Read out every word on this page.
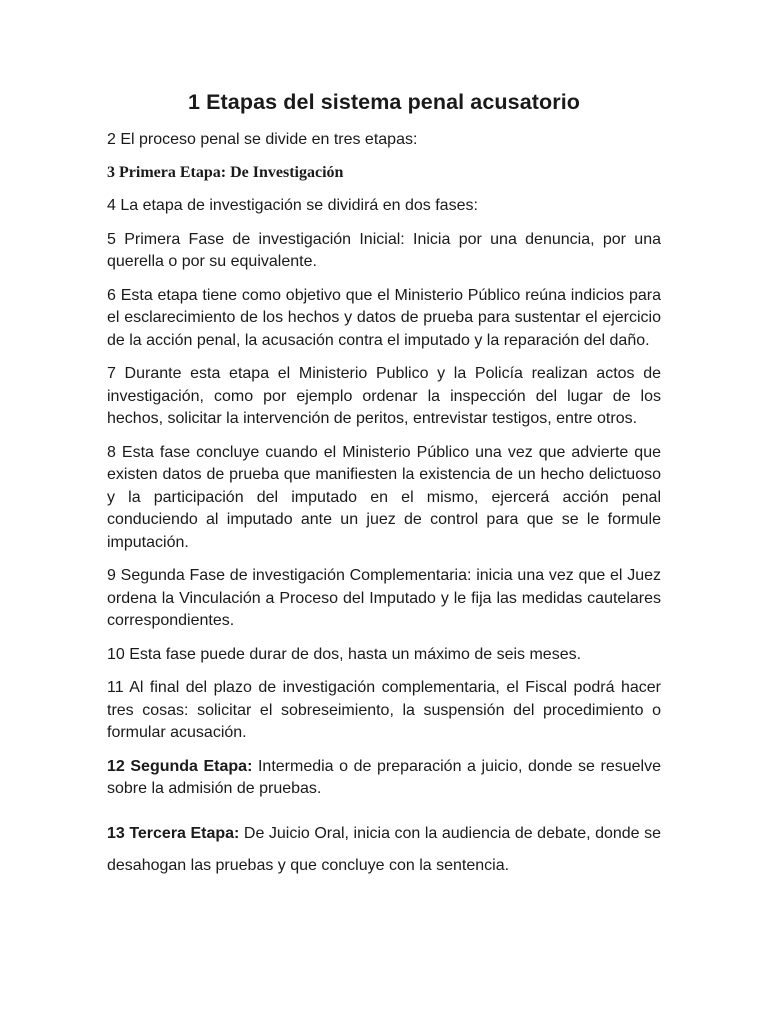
1 Etapas del sistema penal acusatorio

2 El proceso penal se divide en tres etapas:

3 Primera Etapa: De Investigación

4 La etapa de investigación se dividirá en dos fases:

5 Primera Fase de investigación Inicial: Inicia por una denuncia, por una querella o por su equivalente.

6 Esta etapa tiene como objetivo que el Ministerio Público reúna indicios para el esclarecimiento de los hechos y datos de prueba para sustentar el ejercicio de la acción penal, la acusación contra el imputado y la reparación del daño.

7 Durante esta etapa el Ministerio Publico y la Policía realizan actos de investigación, como por ejemplo ordenar la inspección del lugar de los hechos, solicitar la intervención de peritos, entrevistar testigos, entre otros.

8 Esta fase concluye cuando el Ministerio Público una vez que advierte que existen datos de prueba que manifiesten la existencia de un hecho delictuoso y la participación del imputado en el mismo, ejercerá acción penal conduciendo al imputado ante un juez de control para que se le formule imputación.

9 Segunda Fase de investigación Complementaria: inicia una vez que el Juez ordena la Vinculación a Proceso del Imputado y le fija las medidas cautelares correspondientes.

10 Esta fase puede durar de dos, hasta un máximo de seis meses.

11 Al final del plazo de investigación complementaria, el Fiscal podrá hacer tres cosas: solicitar el sobreseimiento, la suspensión del procedimiento o formular acusación.

12 Segunda Etapa: Intermedia o de preparación a juicio, donde se resuelve sobre la admisión de pruebas.

13 Tercera Etapa: De Juicio Oral, inicia con la audiencia de debate, donde se desahogan las pruebas y que concluye con la sentencia.
